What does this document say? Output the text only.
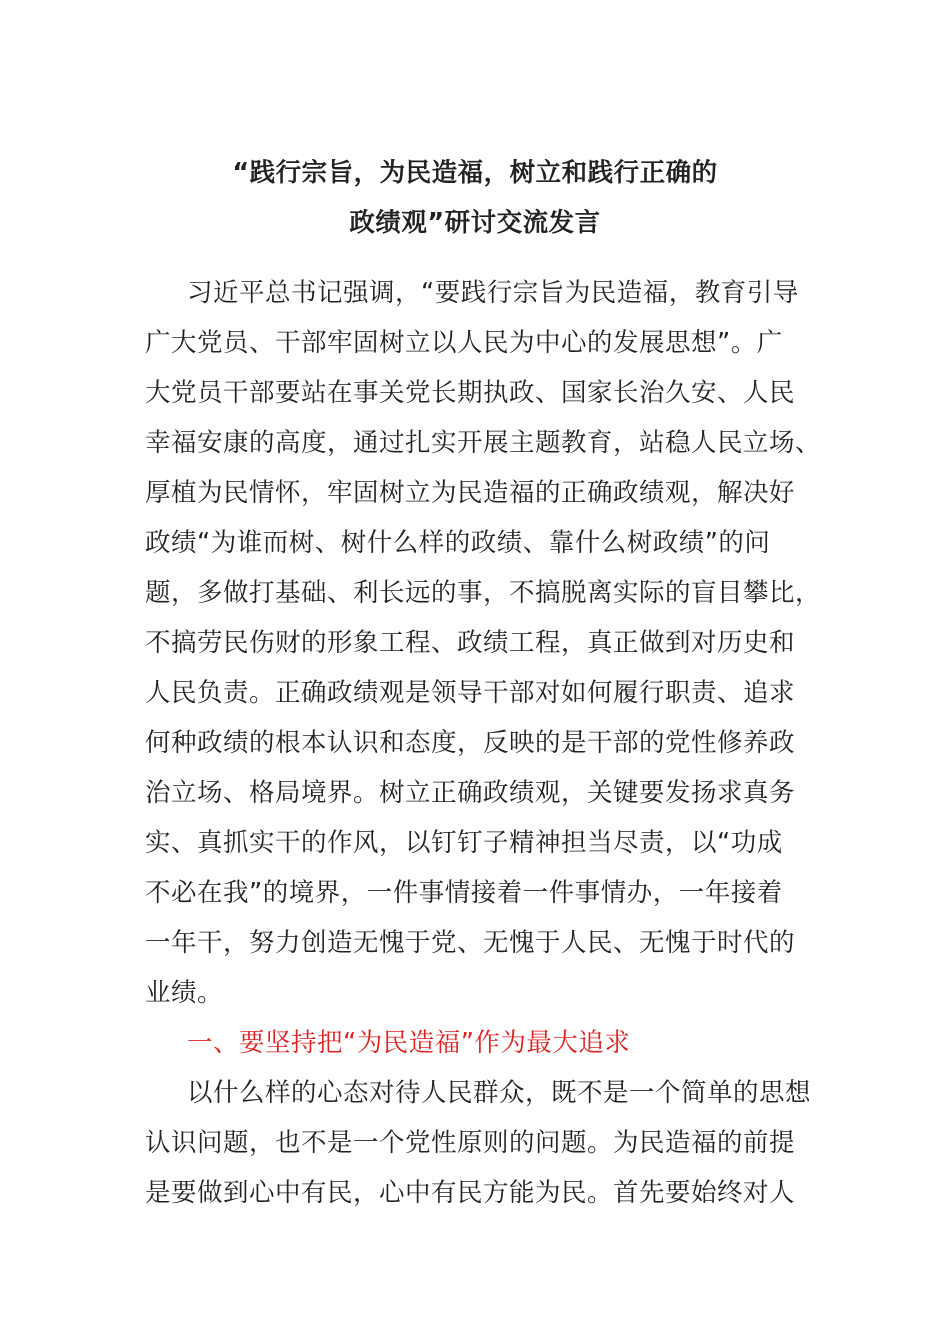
“践行宗旨，为民造福，树立和践行正确的
政绩观”研讨交流发言
习近平总书记强调，“要践行宗旨为民造福，教育引导
广大党员、干部牢固树立以人民为中心的发展思想”。广
大党员干部要站在事关党长期执政、国家长治久安、人民
幸福安康的高度，通过扎实开展主题教育，站稳人民立场、
厚植为民情怀，牢固树立为民造福的正确政绩观，解决好
政绩“为谁而树、树什么样的政绩、靠什么树政绩”的问
题，多做打基础、利长远的事，不搞脱离实际的盲目攀比，
不搞劳民伤财的形象工程、政绩工程，真正做到对历史和
人民负责。正确政绩观是领导干部对如何履行职责、追求
何种政绩的根本认识和态度，反映的是干部的党性修养政
治立场、格局境界。树立正确政绩观，关键要发扬求真务
实、真抓实干的作风，以钉钉子精神担当尽责，以“功成
不必在我”的境界，一件事情接着一件事情办，一年接着
一年干，努力创造无愧于党、无愧于人民、无愧于时代的
业绩。
一、要坚持把“为民造福”作为最大追求
以什么样的心态对待人民群众，既不是一个简单的思想
认识问题，也不是一个党性原则的问题。为民造福的前提
是要做到心中有民，心中有民方能为民。首先要始终对人
